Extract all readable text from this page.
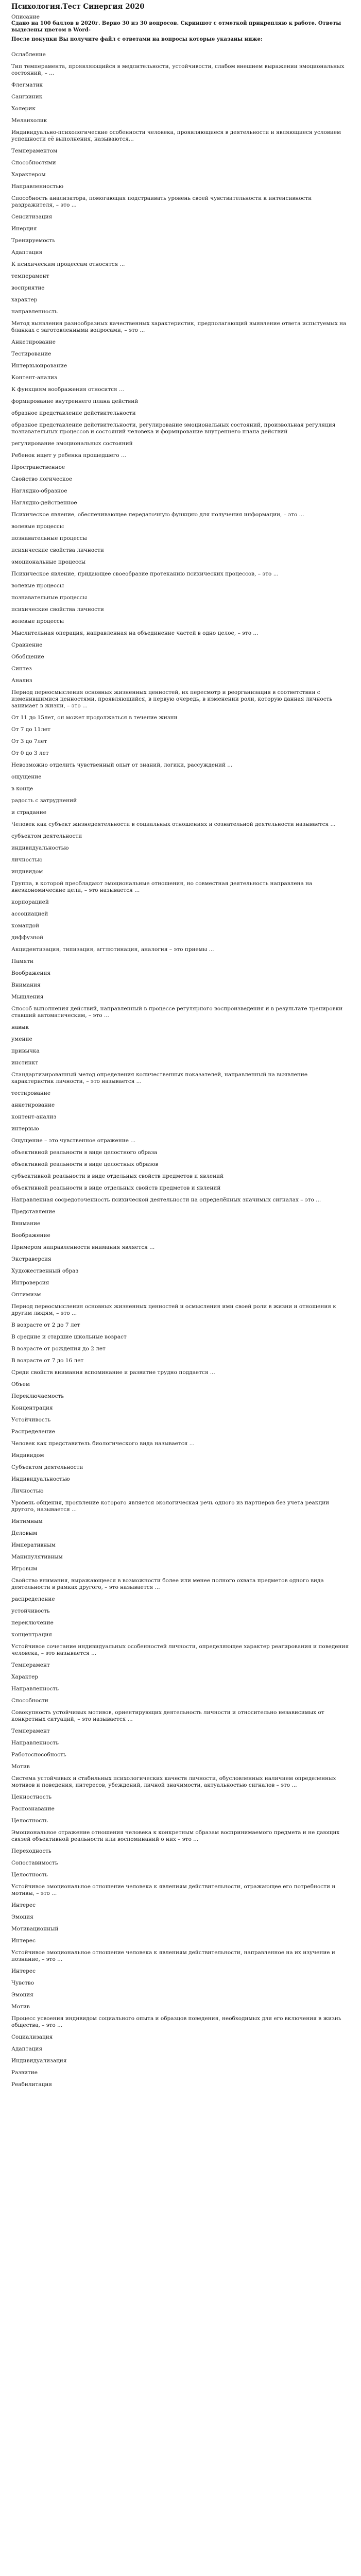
Психология.Тест Синергия 2020
Описание

Сдано на 100 баллов в 2020г. Верно 30 из 30 вопросов. Скриншот с отметкой прикрепляю к работе. Ответы выделены цветом в Word-

После покупки Вы получите файл с ответами на вопросы которые указаны ниже:

Ослабление

Тип темперамента, проявляющийся в медлительности, устойчивости, слабом внешнем выражении эмоциональных состояний, – ...

Флегматик

Сангвиник

Холерик

Меланхолик

Индивидуально-психологические особенности человека, проявляющиеся в деятельности и являющиеся условием успешности её выполнения, называются...

Темпераментом

Способностями

Характером

Направленностью

Способность анализатора, помогающая подстраивать уровень своей чувствительности к интенсивности раздражителя, – это ...

Сенситизация

Инерция

Тренируемость

Адаптация

К психическим процессам относятся ...

темперамент

восприятие

характер

направленность

Метод выявления разнообразных качественных характеристик, предполагающий выявление ответа испытуемых на бланках с заготовленными вопросами, – это ...

Анкетирование

Тестирование

Интервьюирование

Контент-анализ

К функциям воображения относится ...

формирование внутреннего плана действий

образное представление действительности

образное представление действительности, регулирование эмоциональных состояний, произвольная регуляция познавательных процессов и состояний человека и формирование внутреннего плана действий

регулирование эмоциональных состояний

Ребенок ищет у ребенка прошедшего ...

Пространственное

Свойство логическое

Наглядно-образное

Наглядно-действенное

Психическое явление, обеспечивающее передаточную функцию для получения информации, – это ...

волевые процессы

познавательные процессы

психические свойства личности

эмоциональные процессы

Психическое явление, придающее своеобразие протеканию психических процессов, – это ...

волевые процессы

познавательные процессы

психические свойства личности

волевые процессы

Мыслительная операция, направленная на объединение частей в одно целое, – это ...

Сравнение

Обобщение

Синтез

Анализ

Период переосмысления основных жизненных ценностей, их пересмотр и реорганизация в соответствии с изменившимися ценностями, проявляющийся, в первую очередь, в изменении роли, которую данная личность занимает в жизни, – это ...

От 11 до 15лет, он может продолжаться в течение жизни

От 7 до 11лет

От 3 до 7лет

От 0 до 3 лет

Невозможно отделить чувственный опыт от знаний, логики, рассуждений ...

ощущение

в конце

радость с затруднений

и страдание

Человек как субъект жизнедеятельности в социальных отношениях и сознательной деятельности называется ...

субъектом деятельности

индивидуальностью

личностью

индивидом

Группа, в которой преобладают эмоциональные отношения, но совместная деятельность направлена на внеэкономические цели, – это называется ...

корпорацией

ассоциацией

командой

диффузной

Акцидентизация, типизация, агглютинация, аналогия – это приемы ...

Памяти

Воображения

Внимания

Мышления

Способ выполнения действий, направленный в процессе регулярного воспроизведения и в результате тренировки ставший автоматическим, – это ...

навык

умение

привычка

инстинкт

Стандартизированный метод определения количественных показателей, направленный на выявление характеристик личности, – это называется ...

тестирование

анкетирование

контент-анализ

интервью

Ощущение – это чувственное отражение ...

объективной реальности в виде целостного образа

объективной реальности в виде целостных образов

субъективной реальности в виде отдельных свойств предметов и явлений

объективной реальности в виде отдельных свойств предметов и явлений

Направленная сосредоточенность психической деятельности на определённых значимых сигналах – это ...

Представление

Внимание

Воображение

Примером направленности внимания является ...

Экстраверсия

Художественный образ

Интроверсия

Оптимизм

Период переосмысления основных жизненных ценностей и осмысления ими своей роли в жизни и отношения к другим людям, – это ...

В возрасте от 2 до 7 лет

В средние и старшие школьные возраст

В возрасте от рождения до 2 лет

В возрасте от 7 до 16 лет

Среди свойств внимания вспоминание и развитие трудно поддается ...

Объем

Переключаемость

Концентрация

Устойчивость

Распределение

Человек как представитель биологического вида называется ...

Индивидом

Субъектом деятельности

Индивидуальностью

Личностью

Уровень общения, проявление которого является экологическая речь одного из партнеров без учета реакции другого, называется ...

Интимным

Деловым

Императивным

Манипулятивным

Игровым

Свойство внимания, выражающееся в возможности более или менее полного охвата предметов одного вида деятельности в рамках другого, – это называется ...

распределение

устойчивость

переключение

концентрация

Устойчивое сочетание индивидуальных особенностей личности, определяющее характер реагирования и поведения человека, – это называется ...

Темперамент

Характер

Направленность

Способности

Совокупность устойчивых мотивов, ориентирующих деятельность личности и относительно независимых от конкретных ситуаций, – это называется ...

Темперамент

Направленность

Работоспособность

Мотив

Система устойчивых и стабильных психологических качеств личности, обусловленных наличием определенных мотивов и поведения, интересов, убеждений, личной значимости, актуальностью сигналов – это ...

Ценностность

Распознавание

Целостность

Эмоциональное отражение отношения человека к конкретным образам воспринимаемого предмета и не дающих связей объективной реальности или воспоминаний о них – это ...

Переходность

Сопоставимость

Целостность

Устойчивое эмоциональное отношение человека к явлениям действительности, отражающее его потребности и мотивы, – это ...

Интерес

Эмоция

Мотивационный

Интерес

Устойчивое эмоциональное отношение человека к явлениям действительности, направленное на их изучение и познание, – это ...

Интерес

Чувство

Эмоция

Мотив

Процесс усвоения индивидом социального опыта и образцов поведения, необходимых для его включения в жизнь общества, – это ...

Социализация

Адаптация

Индивидуализация

Развитие

Реабилитация
